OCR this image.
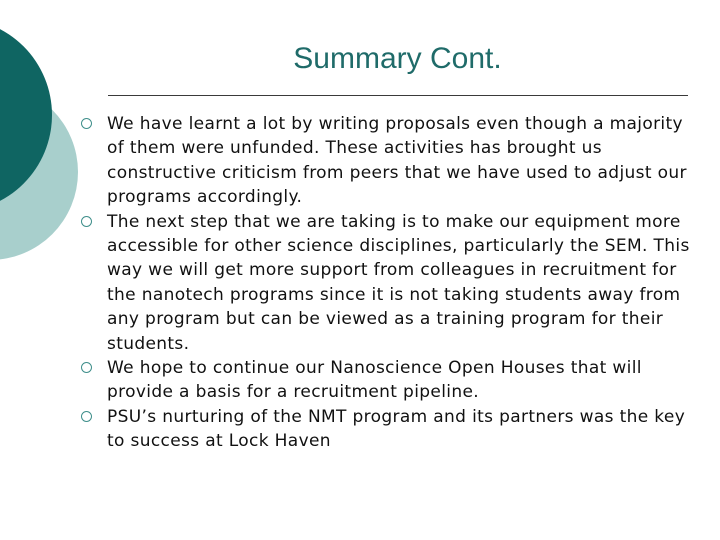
Summary Cont.
We have learnt a lot by writing proposals even though a majority of them were unfunded. These activities has brought us constructive criticism from peers that we have used to adjust our programs accordingly.
The next step that we are taking is to make our equipment more accessible for other science disciplines, particularly the SEM. This way we will get more support from colleagues in recruitment for the nanotech programs since it is not taking students away from any program but can be viewed as a training program for their students.
We hope to continue our Nanoscience Open Houses that will provide a basis for a recruitment pipeline.
PSU’s nurturing of the NMT program and its partners was the key to success at Lock Haven
